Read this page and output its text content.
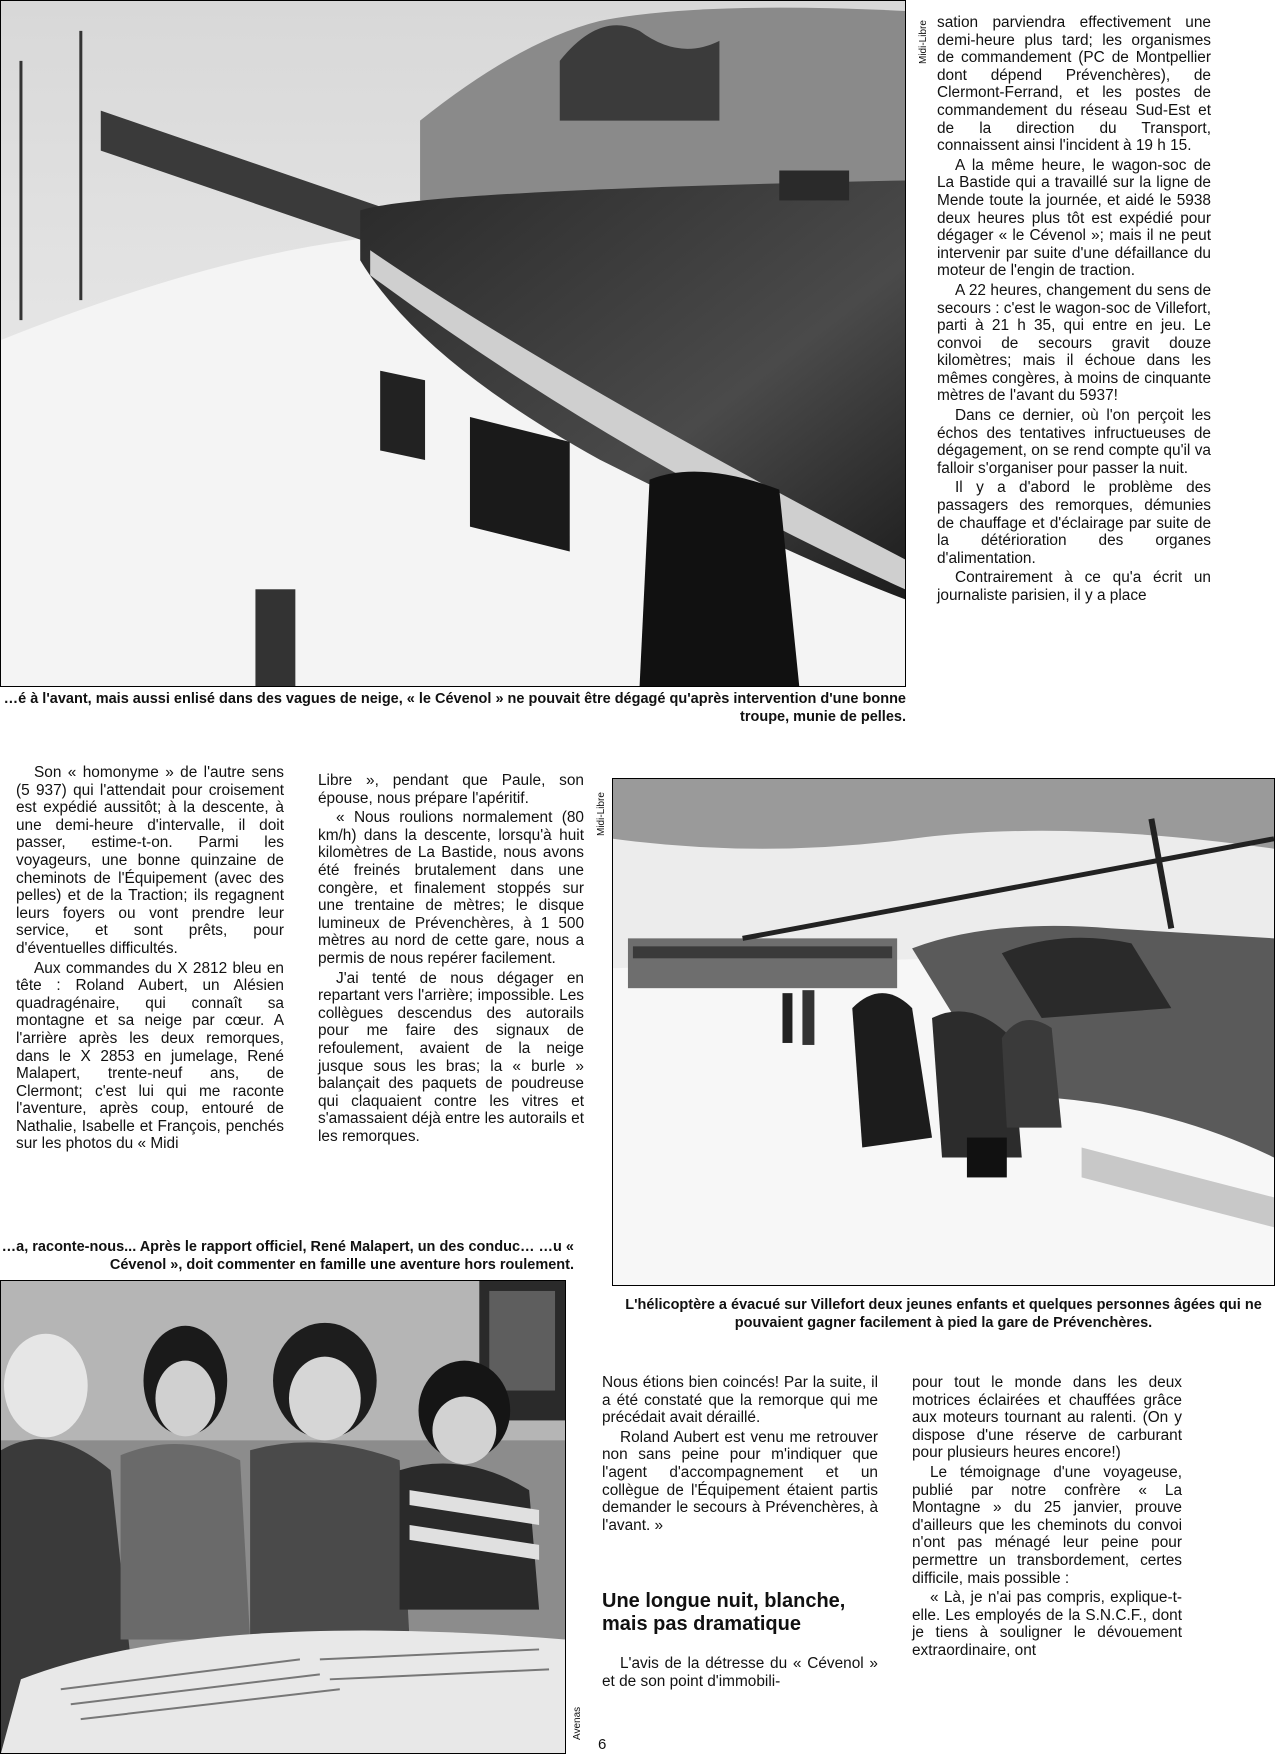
Midi-Libre
…é à l'avant, mais aussi enlisé dans des vagues de neige, « le Cévenol » ne pouvait être dégagé qu'après intervention d'une bonne troupe, munie de pelles.

sation parviendra effectivement une demi-heure plus tard; les organismes de commandement (PC de Montpellier dont dépend Prévenchères), de Clermont-Ferrand, et les postes de commandement du réseau Sud-Est et de la direction du Transport, connaissent ainsi l'incident à 19 h 15.

A la même heure, le wagon-soc de La Bastide qui a travaillé sur la ligne de Mende toute la journée, et aidé le 5938 deux heures plus tôt est expédié pour dégager « le Cévenol »; mais il ne peut intervenir par suite d'une défaillance du moteur de l'engin de traction.

A 22 heures, changement du sens de secours : c'est le wagon-soc de Villefort, parti à 21 h 35, qui entre en jeu. Le convoi de secours gravit douze kilomètres; mais il échoue dans les mêmes congères, à moins de cinquante mètres de l'avant du 5937!

Dans ce dernier, où l'on perçoit les échos des tentatives infructueuses de dégagement, on se rend compte qu'il va falloir s'organiser pour passer la nuit.

Il y a d'abord le problème des passagers des remorques, démunies de chauffage et d'éclairage par suite de la détérioration des organes d'alimentation.

Contrairement à ce qu'a écrit un journaliste parisien, il y a place

Son « homonyme » de l'autre sens (5 937) qui l'attendait pour croisement est expédié aussitôt; à la descente, à une demi-heure d'intervalle, il doit passer, estime-t-on. Parmi les voyageurs, une bonne quinzaine de cheminots de l'Équipement (avec des pelles) et de la Traction; ils regagnent leurs foyers ou vont prendre leur service, et sont prêts, pour d'éventuelles difficultés.

Aux commandes du X 2812 bleu en tête : Roland Aubert, un Alésien quadragénaire, qui connaît sa montagne et sa neige par cœur. A l'arrière après les deux remorques, dans le X 2853 en jumelage, René Malapert, trente-neuf ans, de Clermont; c'est lui qui me raconte l'aventure, après coup, entouré de Nathalie, Isabelle et François, penchés sur les photos du « Midi

Libre », pendant que Paule, son épouse, nous prépare l'apéritif.

« Nous roulions normalement (80 km/h) dans la descente, lorsqu'à huit kilomètres de La Bastide, nous avons été freinés brutalement dans une congère, et finalement stoppés sur une trentaine de mètres; le disque lumineux de Prévenchères, à 1 500 mètres au nord de cette gare, nous a permis de nous repérer facilement.

J'ai tenté de nous dégager en repartant vers l'arrière; impossible. Les collègues descendus des autorails pour me faire des signaux de refoulement, avaient de la neige jusque sous les bras; la « burle » balançait des paquets de poudreuse qui claquaient contre les vitres et s'amassaient déjà entre les autorails et les remorques.

Midi-Libre
L'hélicoptère a évacué sur Villefort deux jeunes enfants et quelques personnes âgées qui ne pouvaient gagner facilement à pied la gare de Prévenchères.
…a, raconte-nous... Après le rapport officiel, René Malapert, un des conduc… …u « Cévenol », doit commenter en famille une aventure hors roulement.
Avenas

Nous étions bien coincés! Par la suite, il a été constaté que la remorque qui me précédait avait déraillé.

Roland Aubert est venu me retrouver non sans peine pour m'indiquer que l'agent d'accompagnement et un collègue de l'Équipement étaient partis demander le secours à Prévenchères, à l'avant. »

Une longue nuit, blanche, mais pas dramatique

L'avis de la détresse du « Cévenol » et de son point d'immobili-

6

pour tout le monde dans les deux motrices éclairées et chauffées grâce aux moteurs tournant au ralenti. (On y dispose d'une réserve de carburant pour plusieurs heures encore!)

Le témoignage d'une voyageuse, publié par notre confrère « La Montagne » du 25 janvier, prouve d'ailleurs que les cheminots du convoi n'ont pas ménagé leur peine pour permettre un transbordement, certes difficile, mais possible :

« Là, je n'ai pas compris, explique-t-elle. Les employés de la S.N.C.F., dont je tiens à souligner le dévouement extraordinaire, ont
